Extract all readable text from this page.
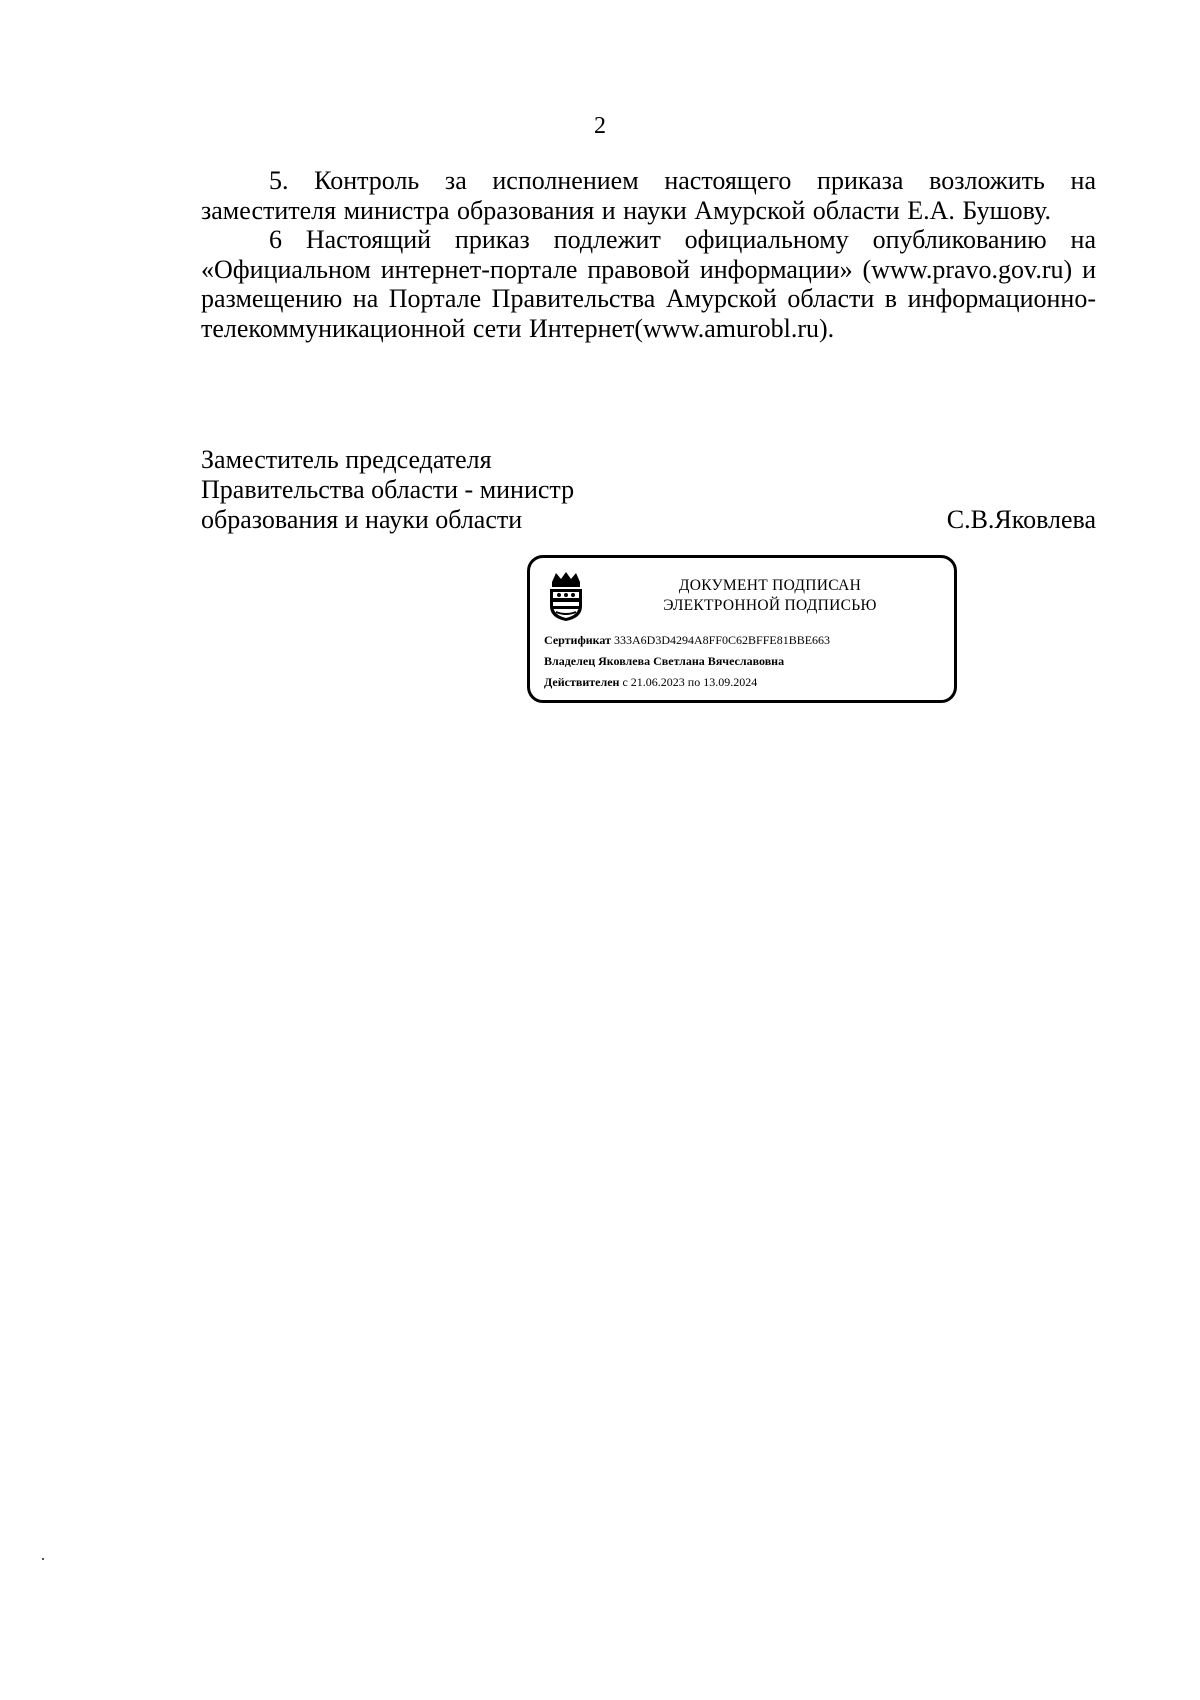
2

5. Контроль за исполнением настоящего приказа возложить на заместителя министра образования и науки Амурской области Е.А. Бушову.

6 Настоящий приказ подлежит официальному опубликованию на «Официальном интернет-портале правовой информации» (www.pravo.gov.ru) и размещению на Портале Правительства Амурской области в информационно-телекоммуникационной сети Интернет(www.amurobl.ru).

Заместитель председателя
Правительства области - министр
образования и науки области	С.В.Яковлева
ДОКУМЕНТ ПОДПИСАН
ЭЛЕКТРОННОЙ ПОДПИСЬЮ
Сертификат 333A6D3D4294A8FF0C62BFFE81BBE663
Владелец Яковлева Светлана Вячеславовна
Действителен с 21.06.2023 по 13.09.2024
